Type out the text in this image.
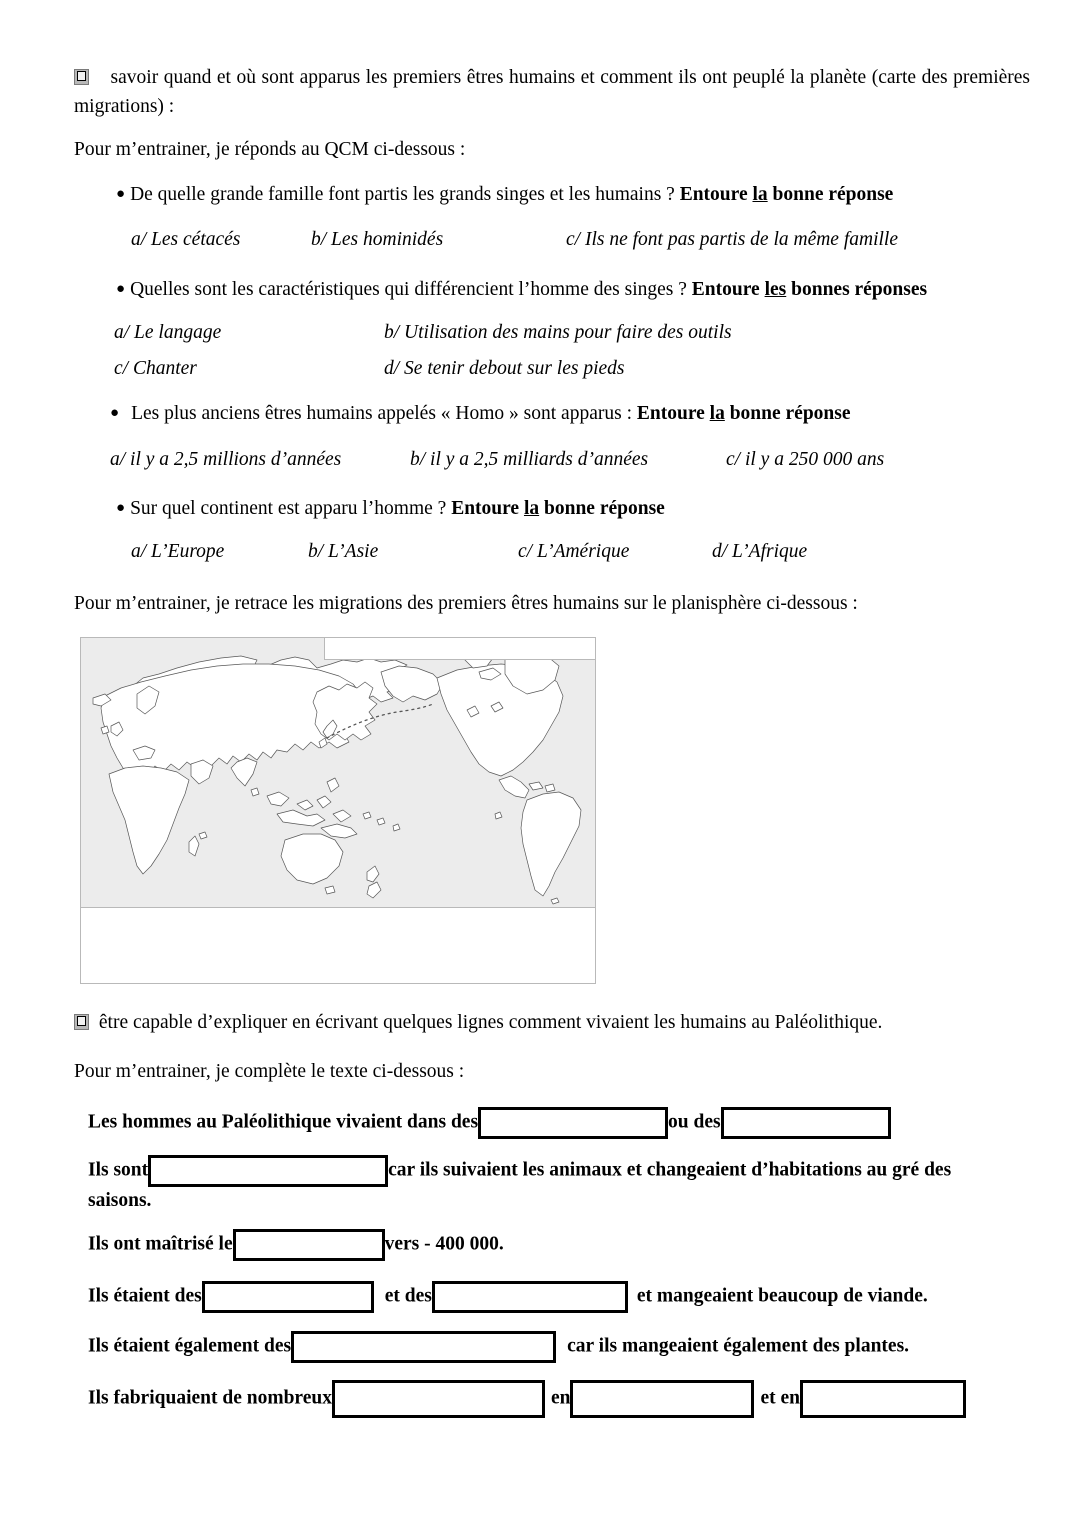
savoir quand et où sont apparus les premiers êtres humains et comment ils ont peuplé la planète (carte des premières migrations) :
Pour m’entrainer, je réponds au QCM ci-dessous :
● De quelle grande famille font partis les grands singes et les humains ? Entoure la bonne réponse
a/ Les cétacés	b/ Les hominidés	c/ Ils ne font pas partis de la même famille
● Quelles sont les caractéristiques qui différencient l’homme des singes ? Entoure les bonnes réponses
a/ Le langage	b/ Utilisation des mains pour faire des outils
c/ Chanter	d/ Se tenir debout sur les pieds
● Les plus anciens êtres humains appelés « Homo » sont apparus : Entoure la bonne réponse
a/ il y a 2,5 millions d’années	b/ il y a 2,5 milliards d’années	c/ il y a 250 000 ans
● Sur quel continent est apparu l’homme ? Entoure la bonne réponse
a/ L’Europe	b/ L’Asie	c/ L’Amérique	d/ L’Afrique
Pour m’entrainer, je retrace les migrations des premiers êtres humains sur le planisphère ci-dessous :
être capable d’expliquer en écrivant quelques lignes comment vivaient les humains au Paléolithique.
Pour m’entrainer, je complète le texte ci-dessous :
Les hommes au Paléolithique vivaient dans des	ou des
Ils sont	car ils suivaient les animaux et changeaient d’habitations au gré des saisons.
Ils ont maîtrisé le	vers - 400 000.
Ils étaient des	et des	et mangeaient beaucoup de viande.
Ils étaient également des	car ils mangeaient également des plantes.
Ils fabriquaient de nombreux	en	et en
